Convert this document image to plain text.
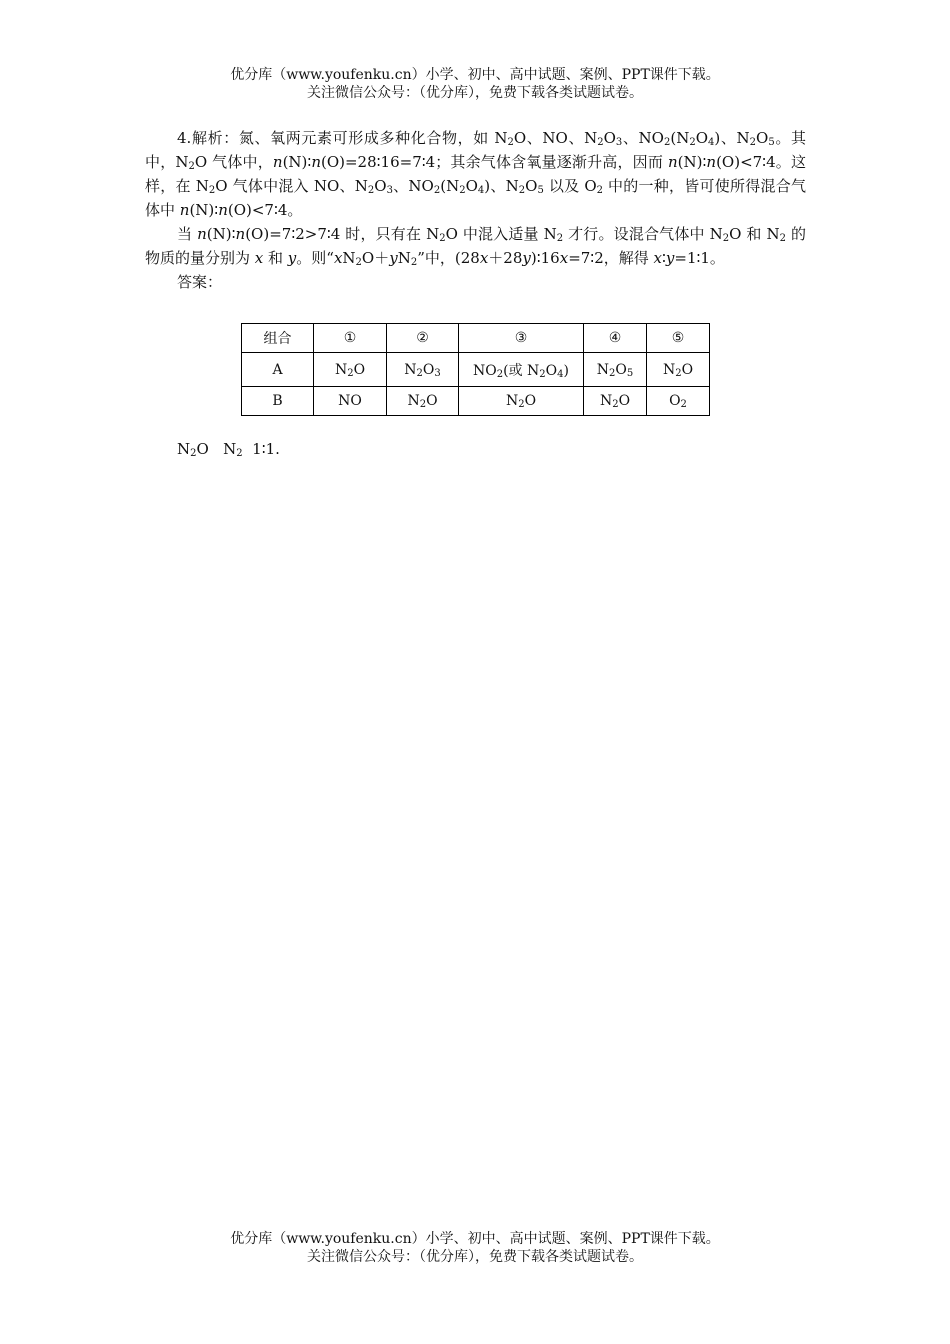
优分库（www.youfenku.cn）小学、初中、高中试题、案例、PPT课件下载。
关注微信公众号：（优分库），免费下载各类试题试卷。

4.解析：氮、氧两元素可形成多种化合物，如 $N_2O$、NO、$N_2O_3$、$NO_2(N_2O_4)$、$N_2O_5$。其中，$N_2O$ 气体中，n(N)∶n(O)=28∶16=7∶4；其余气体含氧量逐渐升高，因而 n(N)∶n(O)<7∶4。这样，在 $N_2O$ 气体中混入 NO、$N_2O_3$、$NO_2(N_2O_4)$、$N_2O_5$ 以及 $O_2$ 中的一种，皆可使所得混合气体中 n(N)∶n(O)<7∶4。

当 n(N)∶n(O)=7∶2>7∶4 时，只有在 $N_2O$ 中混入适量 $N_2$ 才行。设混合气体中 $N_2O$ 和 $N_2$ 的物质的量分别为 x 和 y。则“$xN_2O+yN_2$”中，(28x＋28y)∶16x=7∶2，解得 x∶y=1∶1。

答案：

组合	①	②	③	④	⑤
A	$N_2O$	$N_2O_3$	$NO_2$(或 $N_2O_4$)	$N_2O_5$	$N_2O$
B	NO	$N_2O$	$N_2O$	$N_2O$	$O_2$
$N_2O$   $N_2$ 1∶1.
优分库（www.youfenku.cn）小学、初中、高中试题、案例、PPT课件下载。
关注微信公众号：（优分库），免费下载各类试题试卷。
